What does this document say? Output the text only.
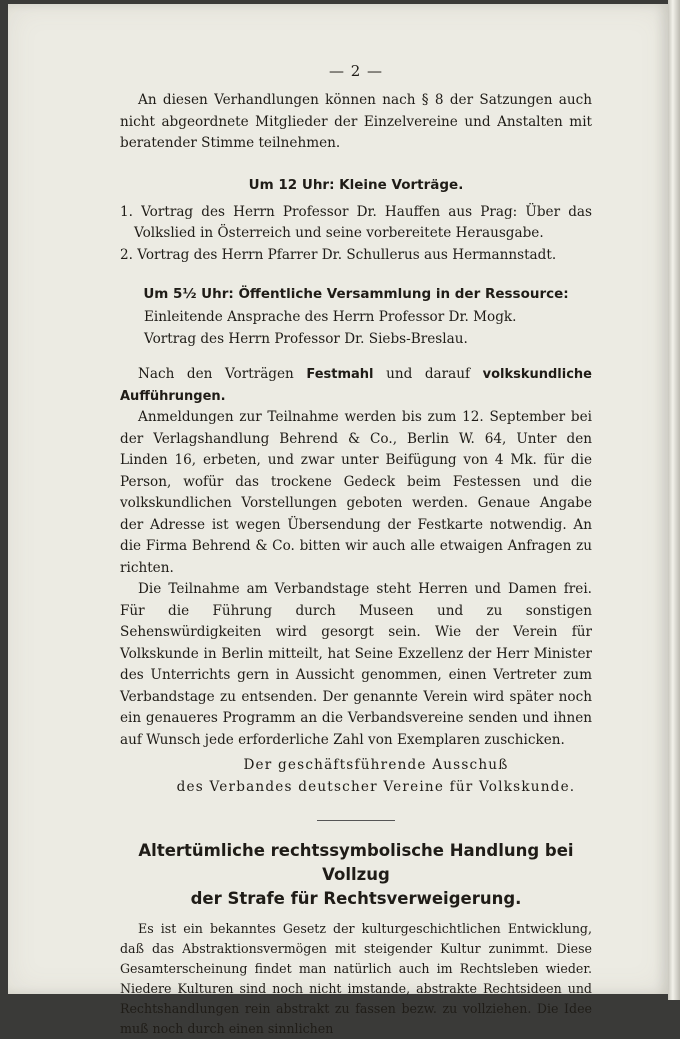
— 2 —

An diesen Verhandlungen können nach § 8 der Satzungen auch nicht abgeordnete Mitglieder der Einzelvereine und Anstalten mit beratender Stimme teilnehmen.

Um 12 Uhr: Kleine Vorträge.

1. Vortrag des Herrn Professor Dr. Hauffen aus Prag: Über das Volkslied in Österreich und seine vorbereitete Herausgabe.

2. Vortrag des Herrn Pfarrer Dr. Schullerus aus Hermannstadt.

Um 5½ Uhr: Öffentliche Versammlung in der Ressource:

Einleitende Ansprache des Herrn Professor Dr. Mogk.

Vortrag des Herrn Professor Dr. Siebs-Breslau.

Nach den Vorträgen Festmahl und darauf volkskundliche Aufführungen.

Anmeldungen zur Teilnahme werden bis zum 12. September bei der Verlagshandlung Behrend & Co., Berlin W. 64, Unter den Linden 16, erbeten, und zwar unter Beifügung von 4 Mk. für die Person, wofür das trockene Gedeck beim Festessen und die volkskundlichen Vorstellungen geboten werden. Genaue Angabe der Adresse ist wegen Übersendung der Festkarte notwendig. An die Firma Behrend & Co. bitten wir auch alle etwaigen Anfragen zu richten.

Die Teilnahme am Verbandstage steht Herren und Damen frei. Für die Führung durch Museen und zu sonstigen Sehenswürdigkeiten wird gesorgt sein. Wie der Verein für Volkskunde in Berlin mitteilt, hat Seine Exzellenz der Herr Minister des Unterrichts gern in Aussicht genommen, einen Vertreter zum Verbandstage zu entsenden. Der genannte Verein wird später noch ein genaueres Programm an die Verbandsvereine senden und ihnen auf Wunsch jede erforderliche Zahl von Exemplaren zuschicken.

Der geschäftsführende Ausschuß
des Verbandes deutscher Vereine für Volkskunde.
Altertümliche rechtssymbolische Handlung bei Vollzug
der Strafe für Rechtsverweigerung.

Es ist ein bekanntes Gesetz der kulturgeschichtlichen Entwicklung, daß das Abstraktionsvermögen mit steigender Kultur zunimmt. Diese Gesamterscheinung findet man natürlich auch im Rechtsleben wieder. Niedere Kulturen sind noch nicht imstande, abstrakte Rechtsideen und Rechtshandlungen rein abstrakt zu fassen bezw. zu vollziehen. Die Idee muß noch durch einen sinnlichen
